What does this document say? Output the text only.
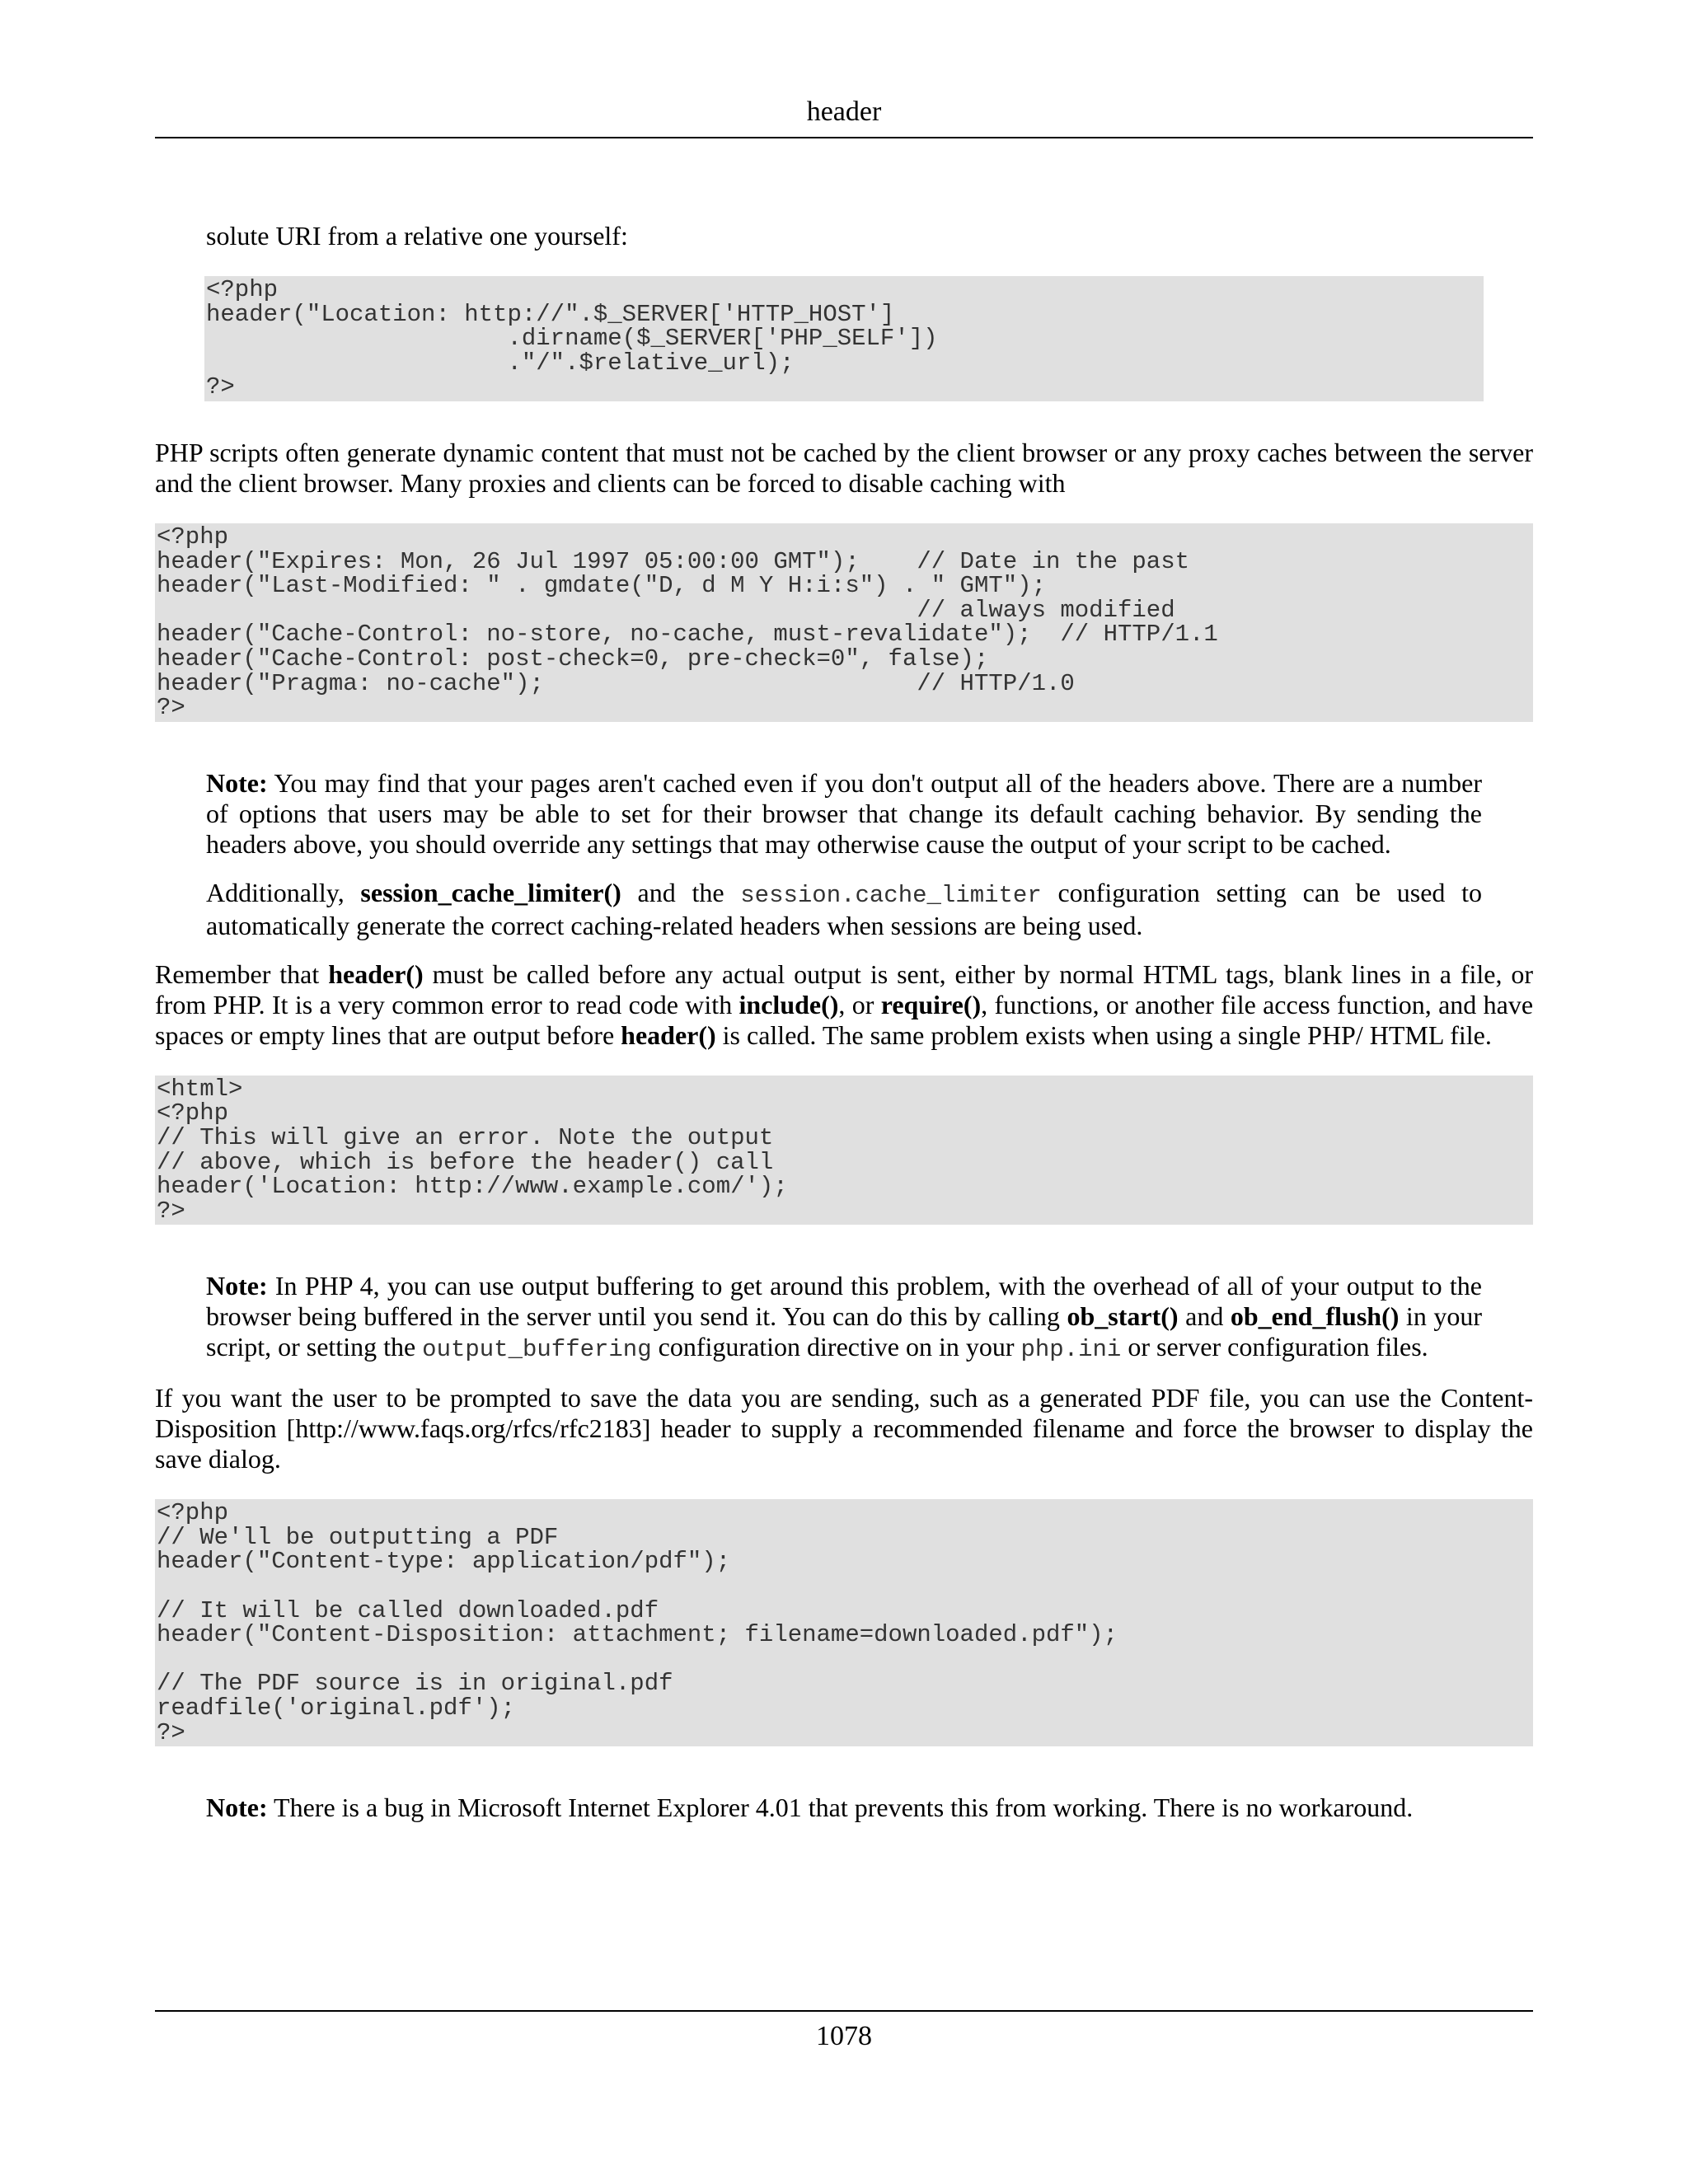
header

solute URI from a relative one yourself:

<?php
header("Location: http://".$_SERVER['HTTP_HOST']
.dirname($_SERVER['PHP_SELF'])
."/".$relative_url);
?>

PHP scripts often generate dynamic content that must not be cached by the client browser or any proxy caches between the server and the client browser. Many proxies and clients can be forced to disable caching with

<?php
header("Expires: Mon, 26 Jul 1997 05:00:00 GMT");    // Date in the past
header("Last-Modified: " . gmdate("D, d M Y H:i:s") . " GMT");
// always modified
header("Cache-Control: no-store, no-cache, must-revalidate");  // HTTP/1.1
header("Cache-Control: post-check=0, pre-check=0", false);
header("Pragma: no-cache");                          // HTTP/1.0
?>

Note: You may find that your pages aren't cached even if you don't output all of the headers above. There are a number of options that users may be able to set for their browser that change its default caching behavior. By sending the headers above, you should override any settings that may otherwise cause the output of your script to be cached.

Additionally, session_cache_limiter() and the session.cache_limiter configuration setting can be used to automatically generate the correct caching-related headers when sessions are being used.

Remember that header() must be called before any actual output is sent, either by normal HTML tags, blank lines in a file, or from PHP. It is a very common error to read code with include(), or require(), functions, or another file access function, and have spaces or empty lines that are output before header() is called. The same problem exists when using a single PHP/ HTML file.

<html>
<?php
// This will give an error. Note the output
// above, which is before the header() call
header('Location: http://www.example.com/');
?>

Note: In PHP 4, you can use output buffering to get around this problem, with the overhead of all of your output to the browser being buffered in the server until you send it. You can do this by calling ob_start() and ob_end_flush() in your script, or setting the output_buffering configuration directive on in your php.ini or server configuration files.

If you want the user to be prompted to save the data you are sending, such as a generated PDF file, you can use the Content-Disposition [http://www.faqs.org/rfcs/rfc2183] header to supply a recommended filename and force the browser to display the save dialog.

<?php
// We'll be outputting a PDF
header("Content-type: application/pdf");

// It will be called downloaded.pdf
header("Content-Disposition: attachment; filename=downloaded.pdf");

// The PDF source is in original.pdf
readfile('original.pdf');
?>

Note: There is a bug in Microsoft Internet Explorer 4.01 that prevents this from working. There is no workaround.

1078
